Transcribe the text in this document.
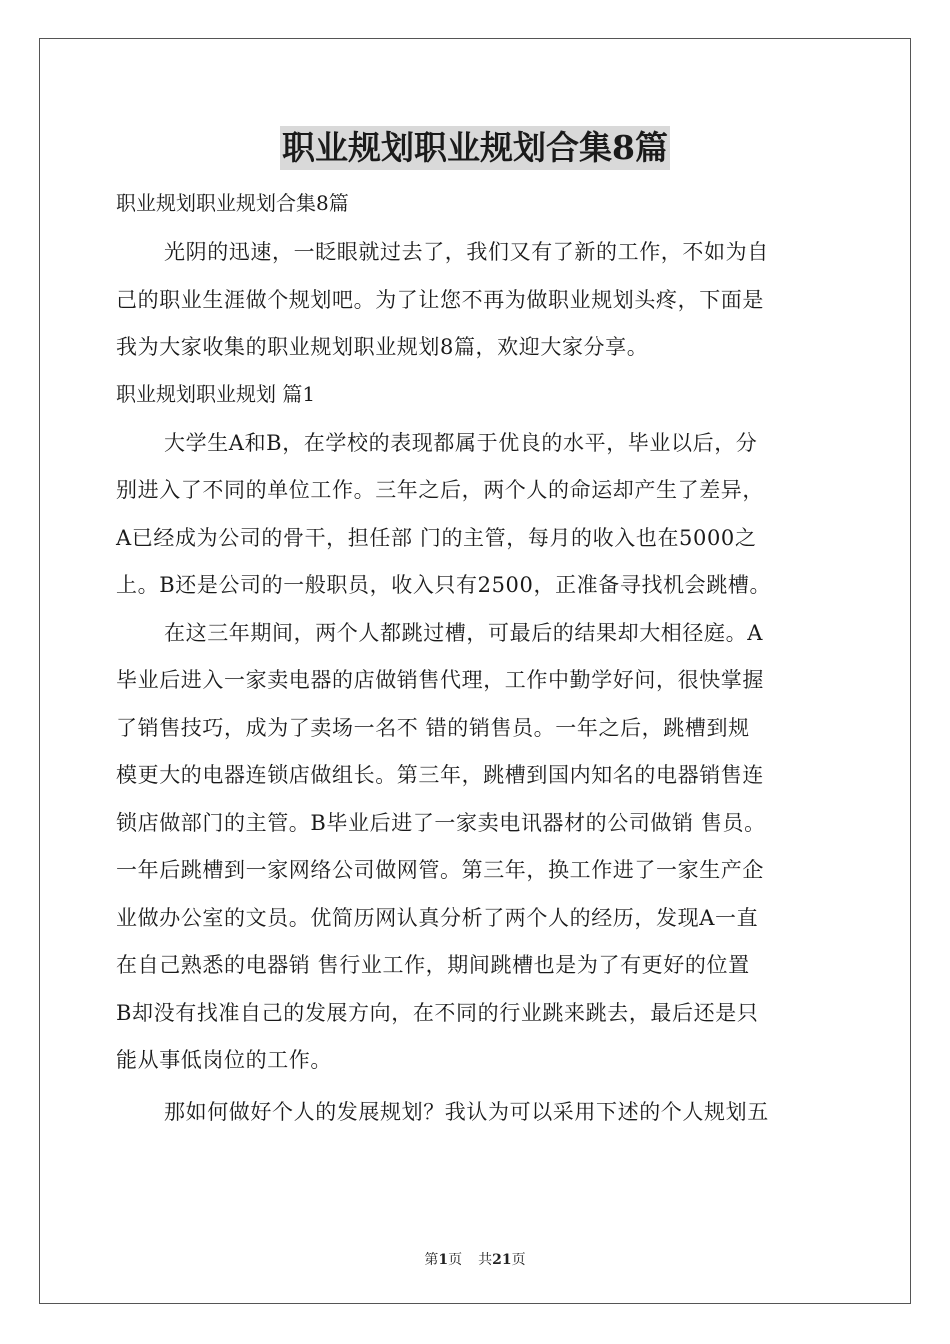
职业规划职业规划合集8篇
职业规划职业规划合集8篇
光阴的迅速，一眨眼就过去了，我们又有了新的工作，不如为自
己的职业生涯做个规划吧。为了让您不再为做职业规划头疼，下面是
我为大家收集的职业规划职业规划8篇，欢迎大家分享。
职业规划职业规划 篇1
大学生A和B，在学校的表现都属于优良的水平，毕业以后，分
别进入了不同的单位工作。三年之后，两个人的命运却产生了差异，
A已经成为公司的骨干，担任部 门的主管，每月的收入也在5000之
上。B还是公司的一般职员，收入只有2500，正准备寻找机会跳槽。
在这三年期间，两个人都跳过槽，可最后的结果却大相径庭。A
毕业后进入一家卖电器的店做销售代理，工作中勤学好问，很快掌握
了销售技巧，成为了卖场一名不 错的销售员。一年之后，跳槽到规
模更大的电器连锁店做组长。第三年，跳槽到国内知名的电器销售连
锁店做部门的主管。B毕业后进了一家卖电讯器材的公司做销 售员。
一年后跳槽到一家网络公司做网管。第三年，换工作进了一家生产企
业做办公室的文员。优简历网认真分析了两个人的经历，发现A一直
在自己熟悉的电器销 售行业工作，期间跳槽也是为了有更好的位置
B却没有找准自己的发展方向，在不同的行业跳来跳去，最后还是只
能从事低岗位的工作。
那如何做好个人的发展规划？我认为可以采用下述的个人规划五
第1页 共21页
